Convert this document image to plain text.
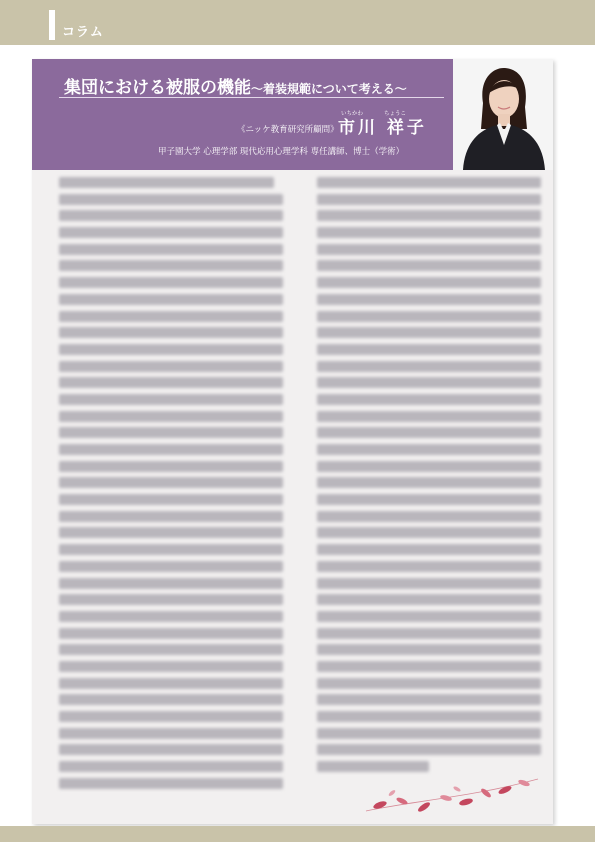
コラム
集団における被服の機能～着装規範について考える～
《ニッケ教育研究所顧問》
いちかわ	ちょうこ
市川 祥子
甲子園大学 心理学部 現代応用心理学科 専任講師、博士（学術）
